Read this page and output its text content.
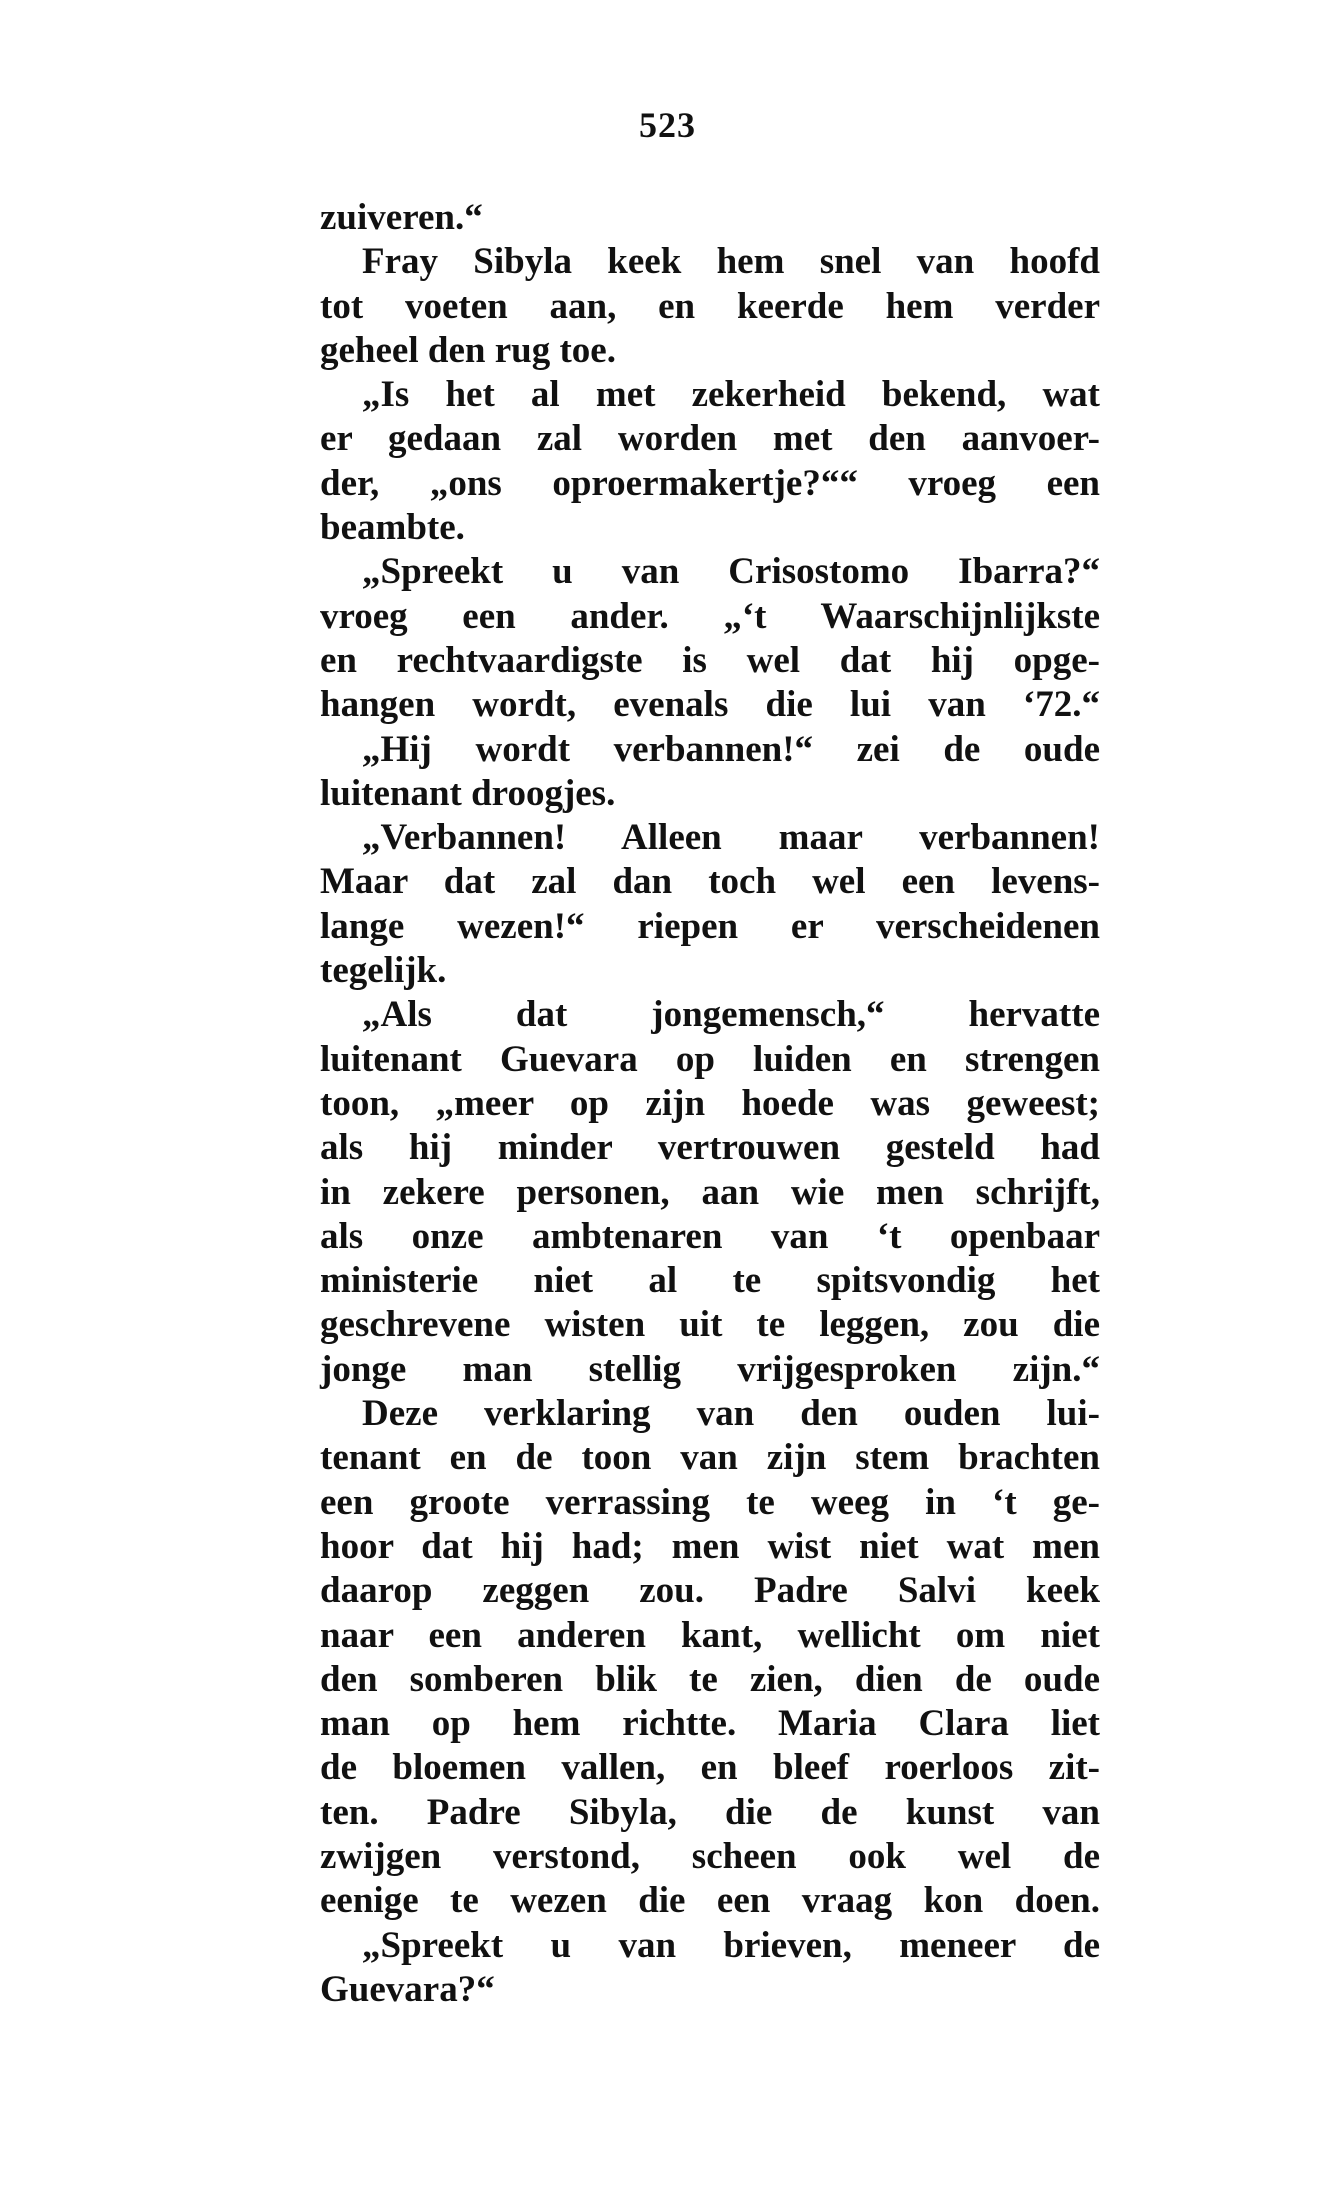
523
zuiveren.“
Fray Sibyla keek hem snel van hoofd
tot voeten aan, en keerde hem verder
geheel den rug toe.
„Is het al met zekerheid bekend, wat
er gedaan zal worden met den aanvoer-
der, „ons oproermakertje?““ vroeg een
beambte.
„Spreekt u van Crisostomo Ibarra?“
vroeg een ander. „‘t Waarschijnlijkste
en rechtvaardigste is wel dat hij opge-
hangen wordt, evenals die lui van ‘72.“
„Hij wordt verbannen!“ zei de oude
luitenant droogjes.
„Verbannen! Alleen maar verbannen!
Maar dat zal dan toch wel een levens-
lange wezen!“ riepen er verscheidenen
tegelijk.
„Als dat jongemensch,“ hervatte
luitenant Guevara op luiden en strengen
toon, „meer op zijn hoede was geweest;
als hij minder vertrouwen gesteld had
in zekere personen, aan wie men schrijft,
als onze ambtenaren van ‘t openbaar
ministerie niet al te spitsvondig het
geschrevene wisten uit te leggen, zou die
jonge man stellig vrijgesproken zijn.“
Deze verklaring van den ouden lui-
tenant en de toon van zijn stem brachten
een groote verrassing te weeg in ‘t ge-
hoor dat hij had; men wist niet wat men
daarop zeggen zou. Padre Salvi keek
naar een anderen kant, wellicht om niet
den somberen blik te zien, dien de oude
man op hem richtte. Maria Clara liet
de bloemen vallen, en bleef roerloos zit-
ten. Padre Sibyla, die de kunst van
zwijgen verstond, scheen ook wel de
eenige te wezen die een vraag kon doen.
„Spreekt u van brieven, meneer de
Guevara?“
